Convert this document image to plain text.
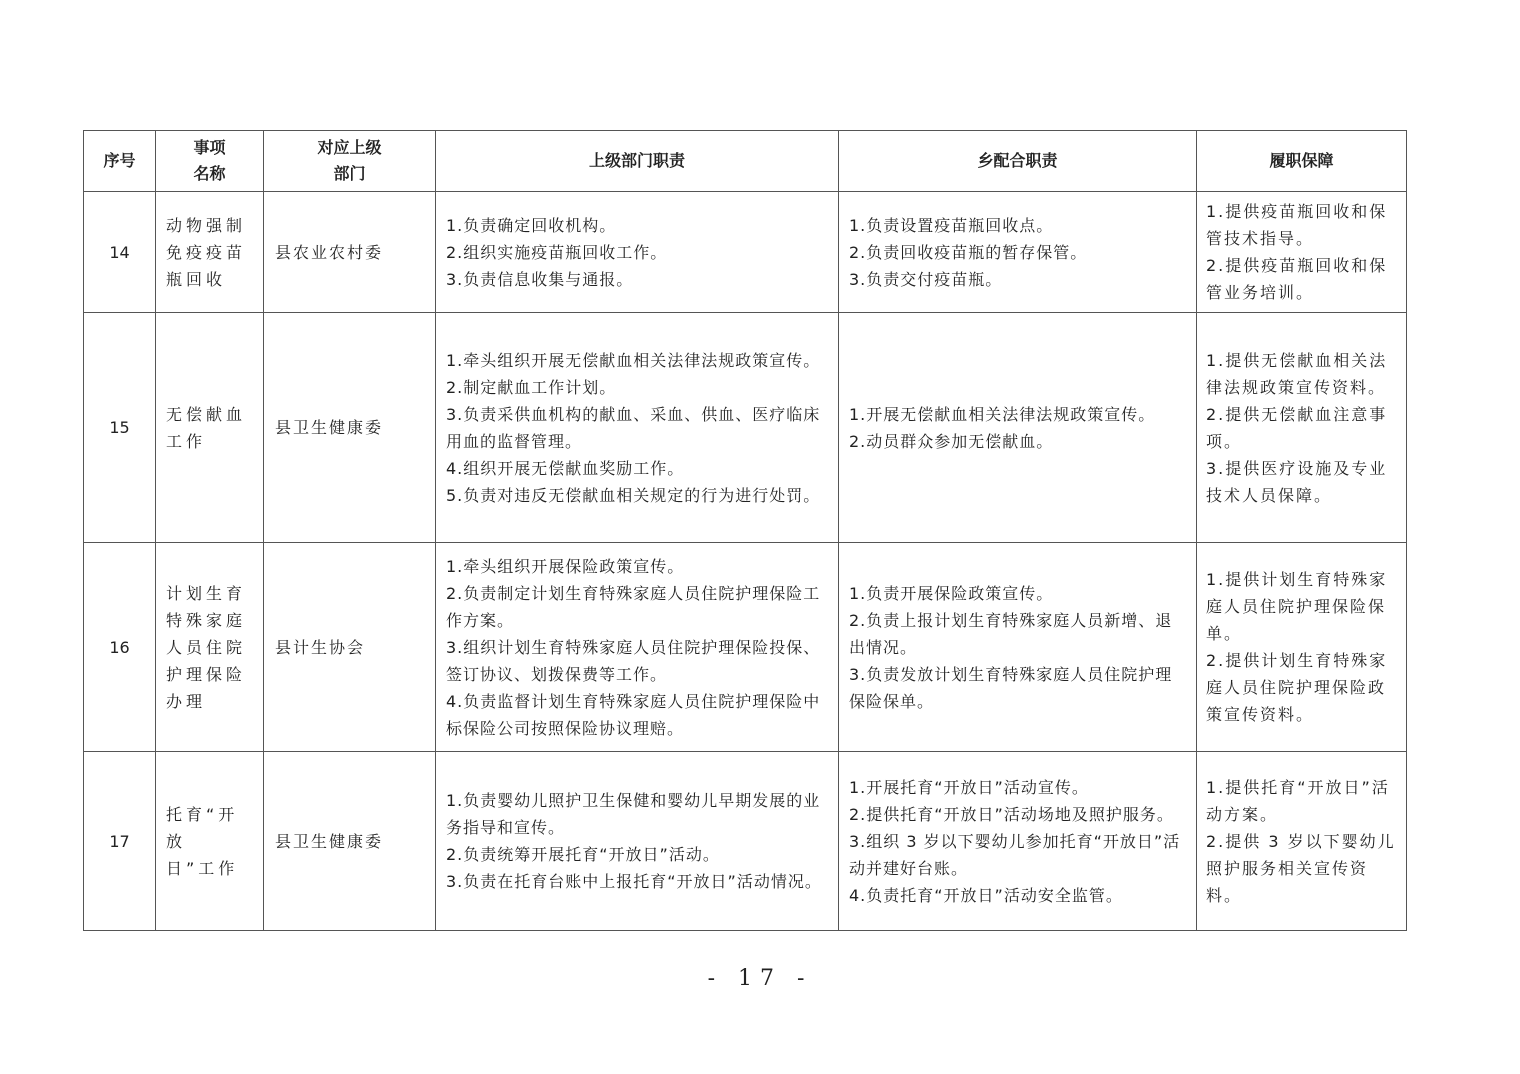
序号	事项
名称	对应上级
部门	上级部门职责	乡配合职责	履职保障
14	动物强制
免疫疫苗
瓶回收	县农业农村委	1.负责确定回收机构。
2.组织实施疫苗瓶回收工作。
3.负责信息收集与通报。	1.负责设置疫苗瓶回收点。
2.负责回收疫苗瓶的暂存保管。
3.负责交付疫苗瓶。	1.提供疫苗瓶回收和保管技术指导。
2.提供疫苗瓶回收和保管业务培训。

15	无偿献血
工作	县卫生健康委	1.牵头组织开展无偿献血相关法律法规政策宣传。
2.制定献血工作计划。
3.负责采供血机构的献血、采血、供血、医疗临床用血的监督管理。
4.组织开展无偿献血奖励工作。
5.负责对违反无偿献血相关规定的行为进行处罚。	1.开展无偿献血相关法律法规政策宣传。
2.动员群众参加无偿献血。	1.提供无偿献血相关法律法规政策宣传资料。
2.提供无偿献血注意事项。
3.提供医疗设施及专业技术人员保障。

16	计划生育
特殊家庭
人员住院
护理保险
办理	县计生协会	1.牵头组织开展保险政策宣传。
2.负责制定计划生育特殊家庭人员住院护理保险工作方案。
3.组织计划生育特殊家庭人员住院护理保险投保、签订协议、划拨保费等工作。
4.负责监督计划生育特殊家庭人员住院护理保险中标保险公司按照保险协议理赔。	1.负责开展保险政策宣传。
2.负责上报计划生育特殊家庭人员新增、退出情况。
3.负责发放计划生育特殊家庭人员住院护理保险保单。	1.提供计划生育特殊家庭人员住院护理保险保单。
2.提供计划生育特殊家庭人员住院护理保险政策宣传资料。

17	托育“开放
日”工作	县卫生健康委	1.负责婴幼儿照护卫生保健和婴幼儿早期发展的业务指导和宣传。
2.负责统筹开展托育“开放日”活动。
3.负责在托育台账中上报托育“开放日”活动情况。	1.开展托育“开放日”活动宣传。
2.提供托育“开放日”活动场地及照护服务。
3.组织 3 岁以下婴幼儿参加托育“开放日”活动并建好台账。
4.负责托育“开放日”活动安全监管。	1.提供托育“开放日”活动方案。
2.提供 3 岁以下婴幼儿照护服务相关宣传资料。
- 17 -
